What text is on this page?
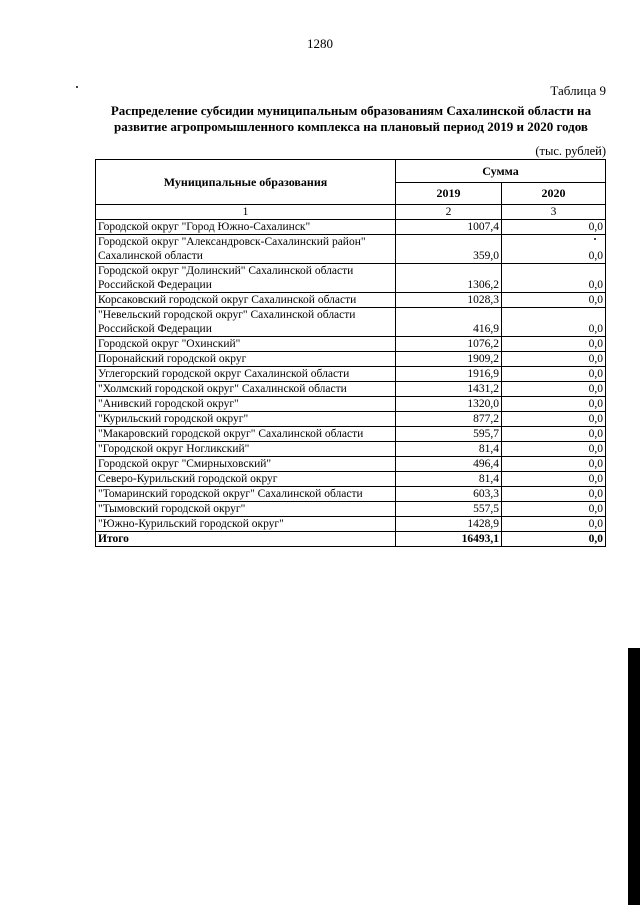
1280
Таблица 9
Распределение субсидии муниципальным образованиям Сахалинской области на
развитие агропромышленного комплекса на плановый период 2019 и 2020 годов
(тыс. рублей)
Муниципальные образования	Сумма	
	2019	2020
1	2	3
Городской округ "Город Южно-Сахалинск"	1007,4	0,0
Городской округ "Александровск-Сахалинский район" Сахалинской области	359,0	0,0
Городской округ "Долинский" Сахалинской области Российской Федерации	1306,2	0,0
Корсаковский городской округ Сахалинской области	1028,3	0,0
"Невельский городской округ" Сахалинской области Российской Федерации	416,9	0,0
Городской округ "Охинский"	1076,2	0,0
Поронайский городской округ	1909,2	0,0
Углегорский городской округ Сахалинской области	1916,9	0,0
"Холмский городской округ" Сахалинской области	1431,2	0,0
"Анивский городской округ"	1320,0	0,0
"Курильский городской округ"	877,2	0,0
"Макаровский городской округ" Сахалинской области	595,7	0,0
"Городской округ Ногликский"	81,4	0,0
Городской округ "Смирныховский"	496,4	0,0
Северо-Курильский городской округ	81,4	0,0
"Томаринский городской округ" Сахалинской области	603,3	0,0
"Тымовский городской округ"	557,5	0,0
"Южно-Курильский городской округ"	1428,9	0,0
Итого	16493,1	0,0
